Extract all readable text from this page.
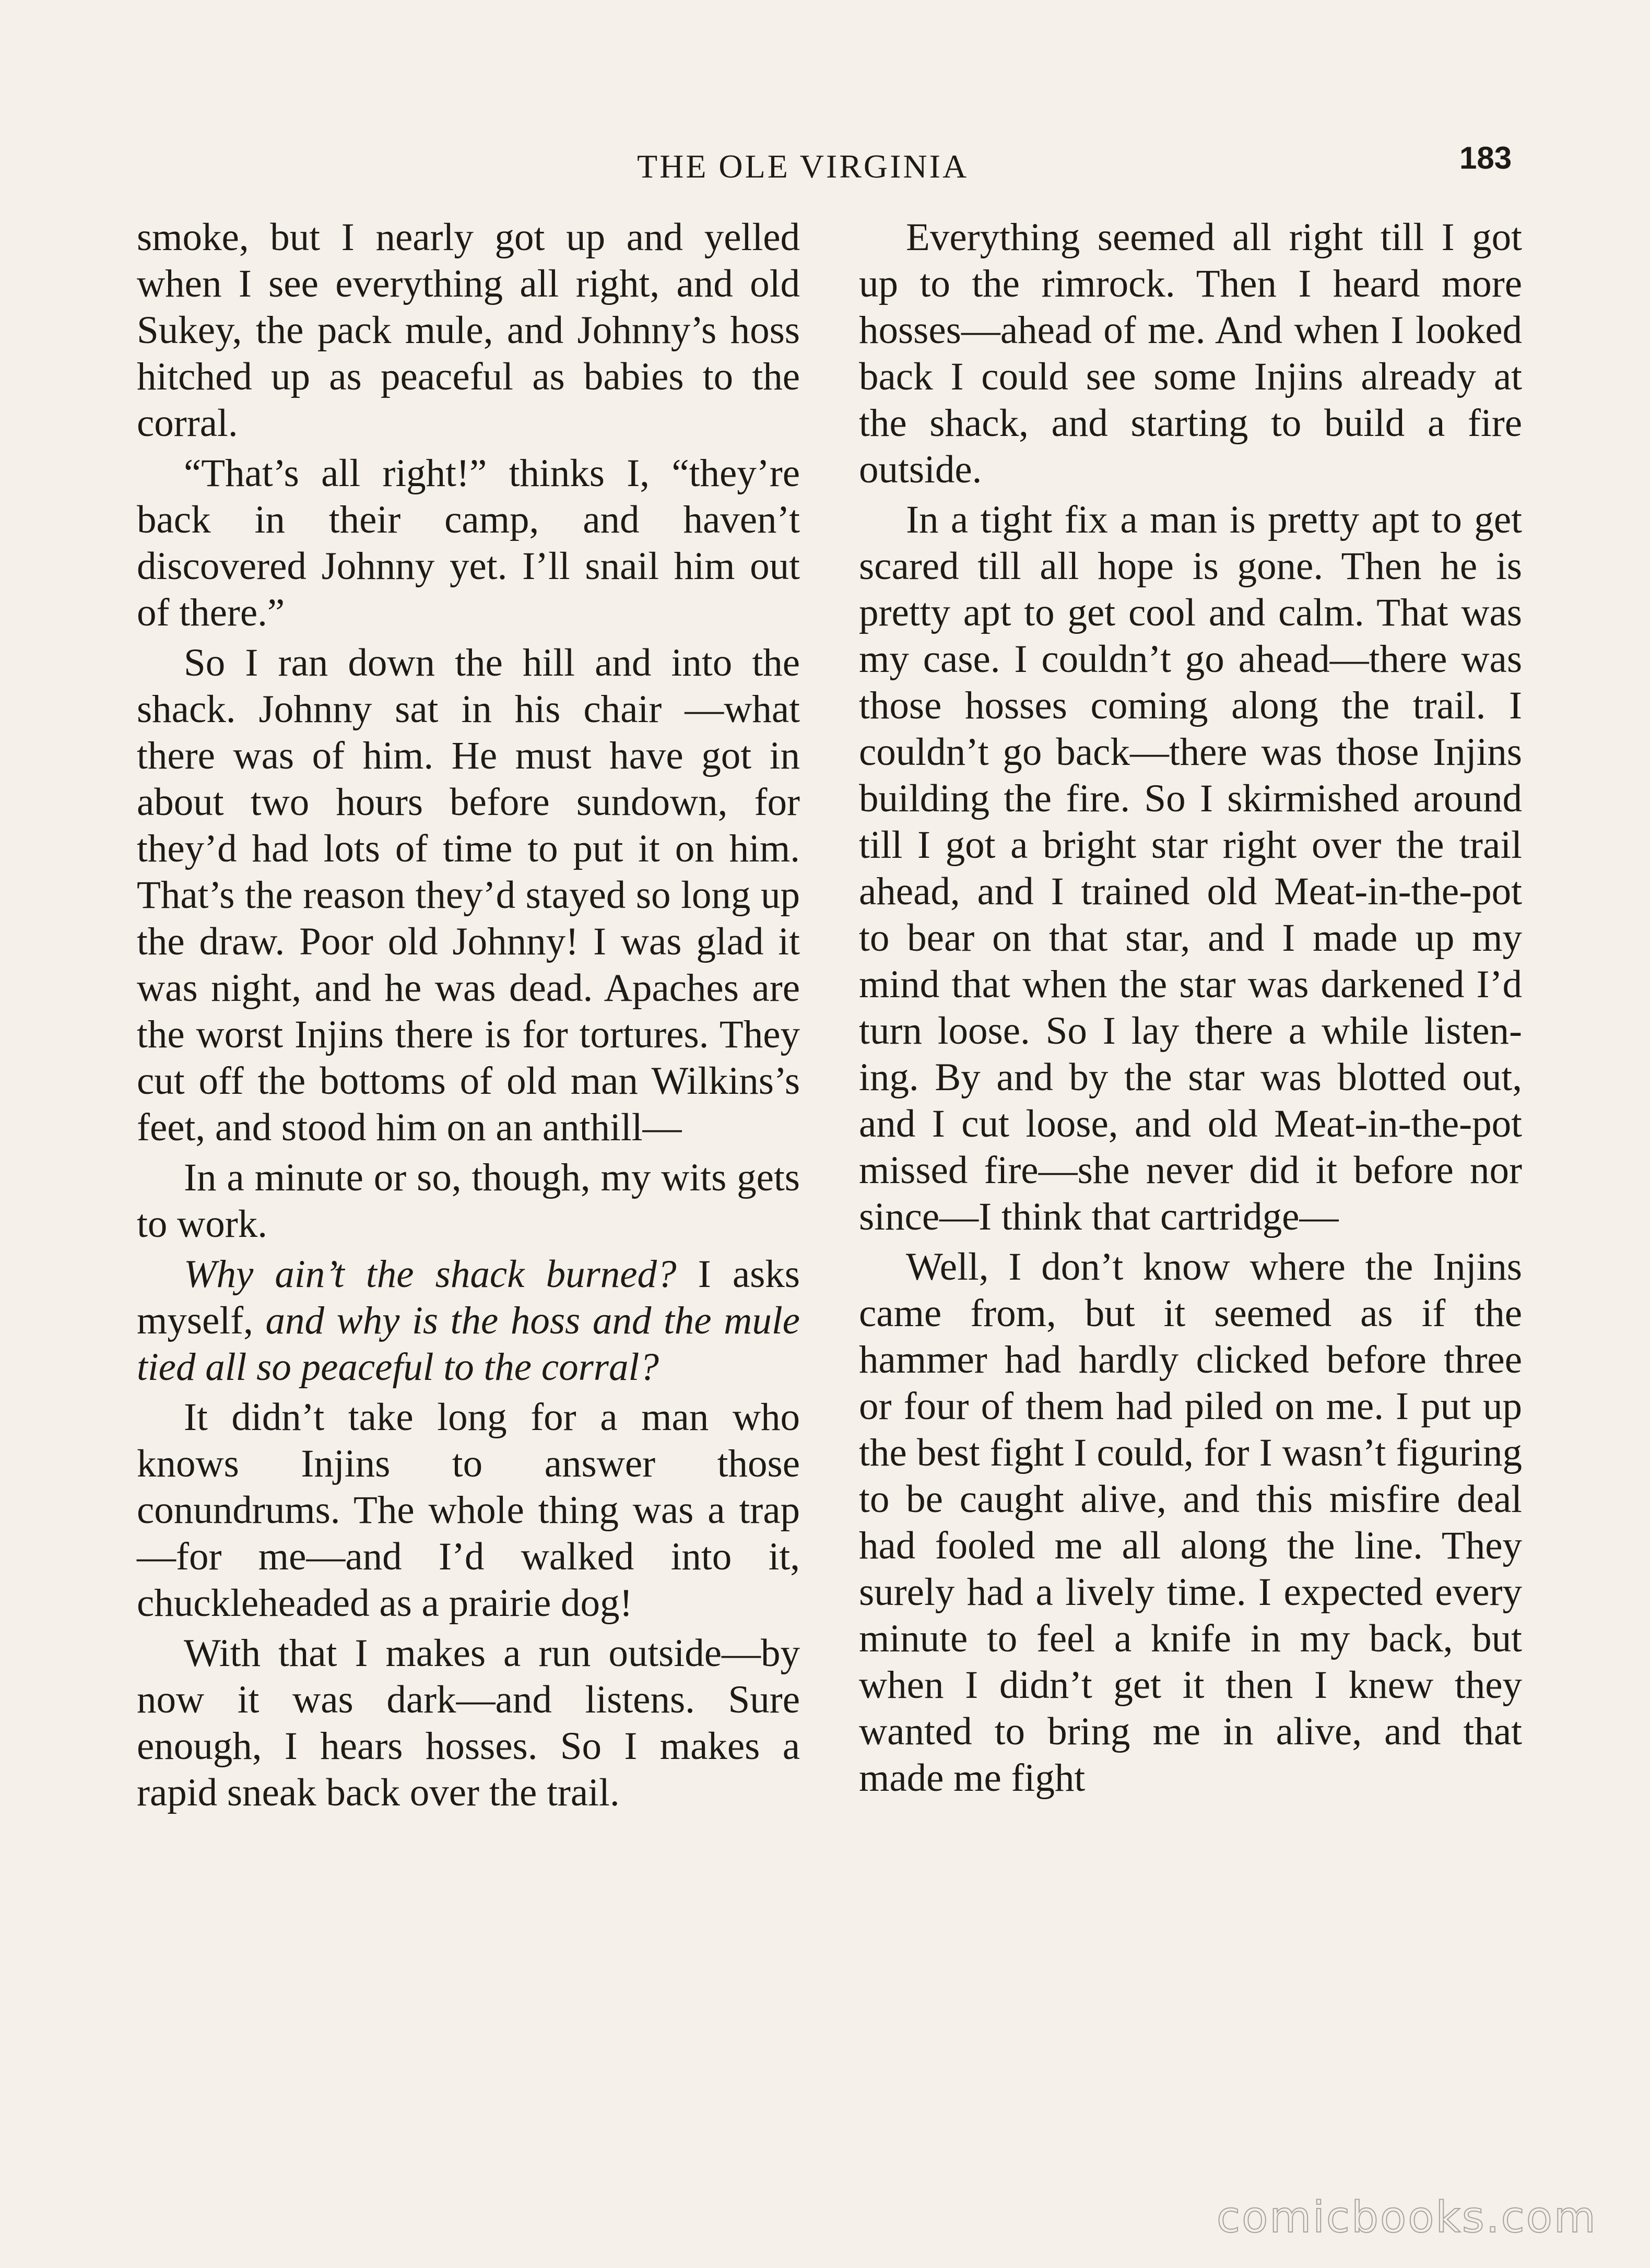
THE OLE VIRGINIA	183

smoke, but I nearly got up and yelled when I see everything all right, and old Sukey, the pack mule, and Johnny’s hoss hitched up as peaceful as babies to the corral.

“That’s all right!” thinks I, “they’re back in their camp, and haven’t discovered Johnny yet. I’ll snail him out of there.”

So I ran down the hill and into the shack. Johnny sat in his chair —what there was of him. He must have got in about two hours before sundown, for they’d had lots of time to put it on him. That’s the reason they’d stayed so long up the draw. Poor old Johnny! I was glad it was night, and he was dead. Apaches are the worst Injins there is for tortures. They cut off the bottoms of old man Wilkins’s feet, and stood him on an anthill—

In a minute or so, though, my wits gets to work.

Why ain’t the shack burned? I asks myself, and why is the hoss and the mule tied all so peaceful to the corral?

It didn’t take long for a man who knows Injins to answer those conundrums. The whole thing was a trap—for me—and I’d walked into it, chuckleheaded as a prairie dog!

With that I makes a run outside—by now it was dark—and listens. Sure enough, I hears hosses. So I makes a rapid sneak back over the trail.

Everything seemed all right till I got up to the rimrock. Then I heard more hosses—ahead of me. And when I looked back I could see some Injins already at the shack, and starting to build a fire outside.

In a tight fix a man is pretty apt to get scared till all hope is gone. Then he is pretty apt to get cool and calm. That was my case. I couldn’t go ahead—there was those hosses coming along the trail. I couldn’t go back—there was those Injins building the fire. So I skirmished around till I got a bright star right over the trail ahead, and I trained old Meat-in-the-pot to bear on that star, and I made up my mind that when the star was darkened I’d turn loose. So I lay there a while listening. By and by the star was blotted out, and I cut loose, and old Meat-in-the-pot missed fire—she never did it before nor since—I think that cartridge—

Well, I don’t know where the Injins came from, but it seemed as if the hammer had hardly clicked before three or four of them had piled on me. I put up the best fight I could, for I wasn’t figuring to be caught alive, and this misfire deal had fooled me all along the line. They surely had a lively time. I expected every minute to feel a knife in my back, but when I didn’t get it then I knew they wanted to bring me in alive, and that made me fight

comicbooks.com
